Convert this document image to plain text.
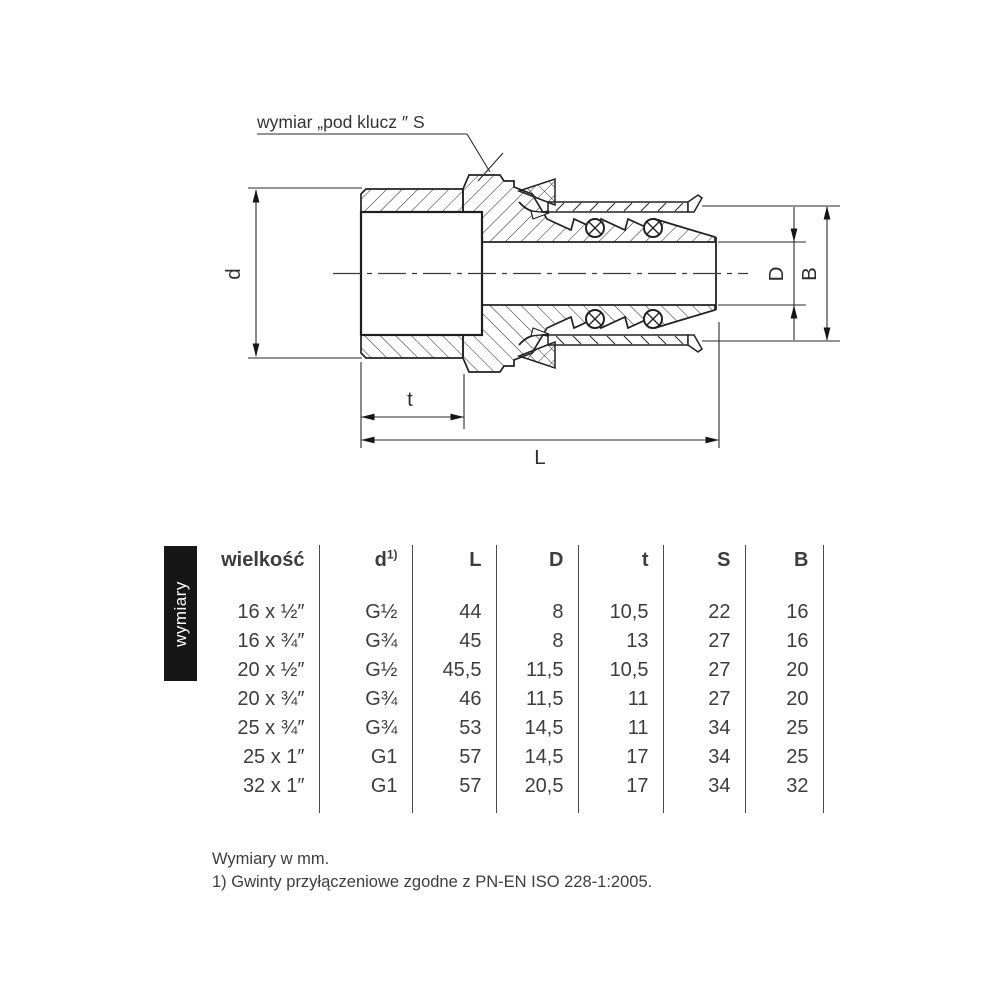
wymiar „pod klucz ″ S
d
t
L
D B
wymiary
wielkość	$d^{1)}$	L	D	t	S	B
16 x ½″	G½	44	8	10,5	22	16
16 x ¾″	G¾	45	8	13	27	16
20 x ½″	G½	45,5	11,5	10,5	27	20
20 x ¾″	G¾	46	11,5	11	27	20
25 x ¾″	G¾	53	14,5	11	34	25
25 x 1″	G1	57	14,5	17	34	25
32 x 1″	G1	57	20,5	17	34	32

Wymiary w mm.
1) Gwinty przyłączeniowe zgodne z PN-EN ISO 228-1:2005.
